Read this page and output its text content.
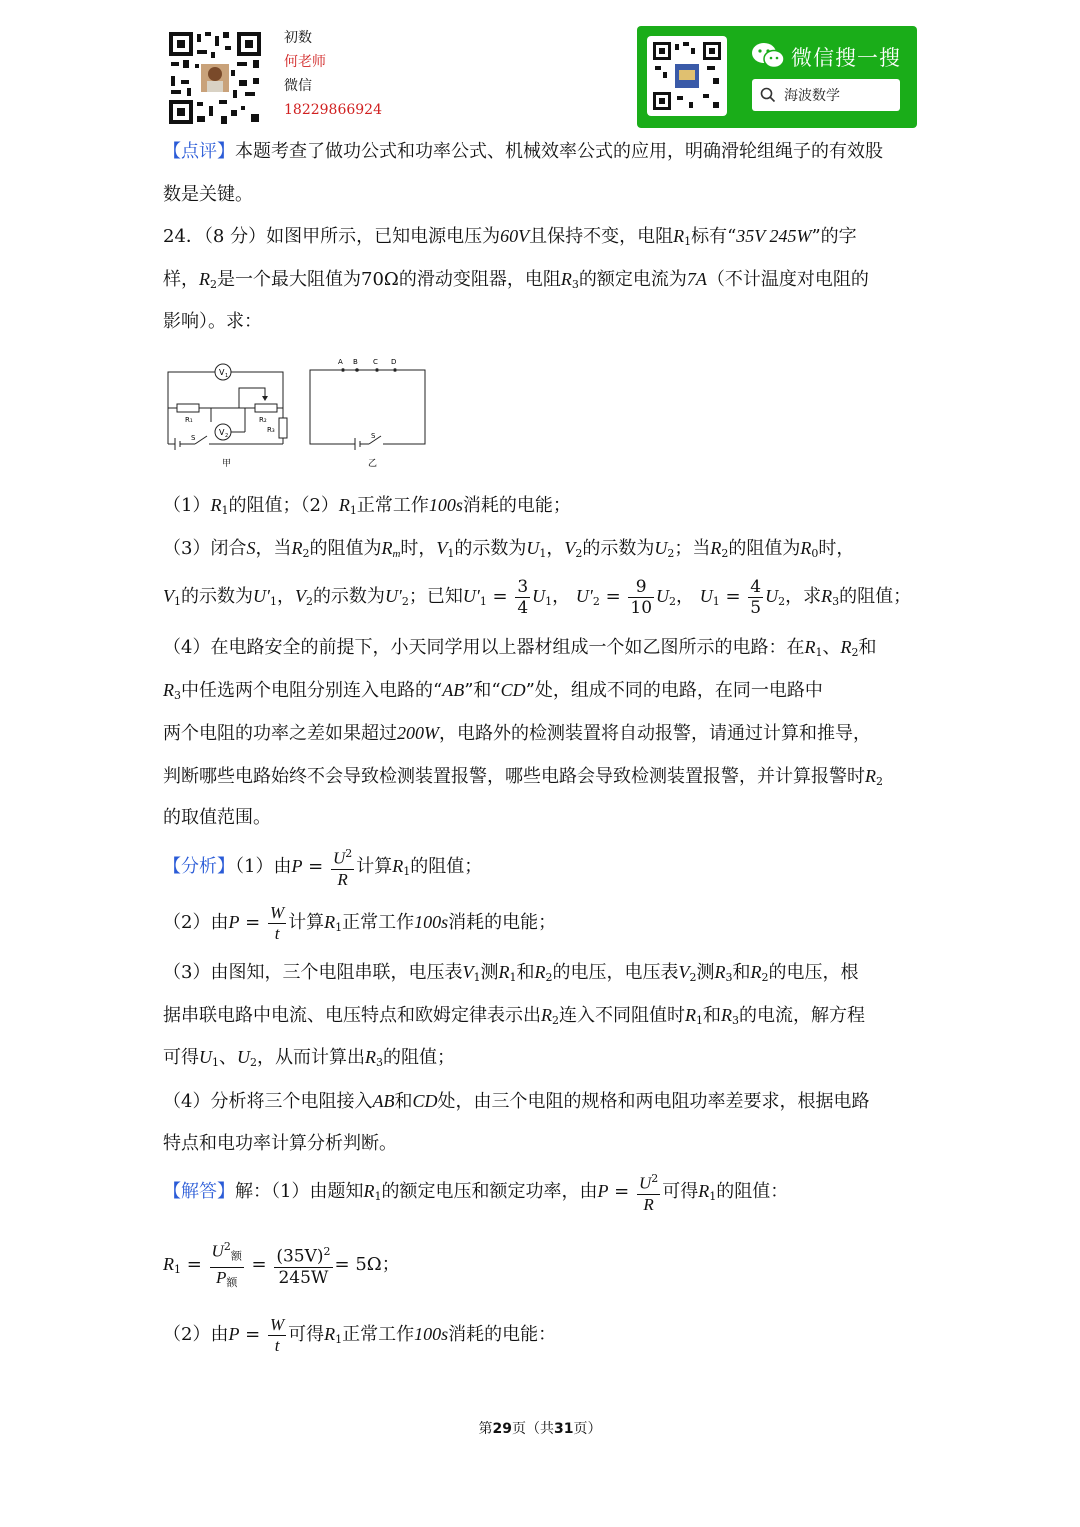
初数
何老师
微信
18229866924
微信搜一搜
海波数学
【点评】本题考查了做功公式和功率公式、机械效率公式的应用，明确滑轮组绳子的有效股
数是关键。
24．（8 分）如图甲所示，已知电源电压为60V且保持不变，电阻$R_1$标有“35V 245W”的字
样，$R_2$是一个最大阻值为70Ω的滑动变阻器，电阻$R_3$的额定电流为7A（不计温度对电阻的
影响）。求：
V 1
V 2
R₁	R₂
R₃
S
甲
A B C D
S
乙
$(1)R_1$的阻值；$(2)R_1$正常工作100s消耗的电能；
（3）闭合S，当$R_2$的阻值为$R_m$时，$V_1$的示数为$U_1$，$V_2$的示数为$U_2$；当$R_2$的阻值为$R_0$时，
$V_1$的示数为$U'_1$，$V_2$的示数为$U'_2$；已知$U'_1 = \frac{3}{4} U_1$， $U'_2 = \frac{9}{10} U_2$， $U_1 = \frac{4}{5} U_2$，求$R_3$的阻值；
（4）在电路安全的前提下，小天同学用以上器材组成一个如乙图所示的电路：在$R_1$、$R_2$和
$R_3$中任选两个电阻分别连入电路的“AB”和“CD”处，组成不同的电路，在同一电路中
两个电阻的功率之差如果超过200W，电路外的检测装置将自动报警，请通过计算和推导，
判断哪些电路始终不会导致检测装置报警，哪些电路会导致检测装置报警，并计算报警时$R_2$
的取值范围。
【分析】（1）由$P = \frac{U^2}{R}$ 计算$R_1$的阻值；
（2）由$P = \frac{W}{t}$ 计算$R_1$正常工作100s消耗的电能；
（3）由图知，三个电阻串联，电压表$V_1$测$R_1$和$R_2$的电压，电压表$V_2$测$R_3$和$R_2$的电压，根
据串联电路中电流、电压特点和欧姆定律表示出$R_2$连入不同阻值时$R_1$和$R_3$的电流，解方程
可得$U_1$、$U_2$，从而计算出$R_3$的阻值；
（4）分析将三个电阻接入AB和CD处，由三个电阻的规格和两电阻功率差要求，根据电路
特点和电功率计算分析判断。
【解答】解：（1）由题知$R_1$的额定电压和额定功率，由$P = \frac{U^2}{R}$ 可得$R_1$的阻值：
$R_1 = \frac{U^2_额}{P_额} = \frac{(35V)^2}{245W} = 5\Omega$；
（2）由$P = \frac{W}{t}$ 可得$R_1$正常工作100s消耗的电能：
第29页（共31页）
